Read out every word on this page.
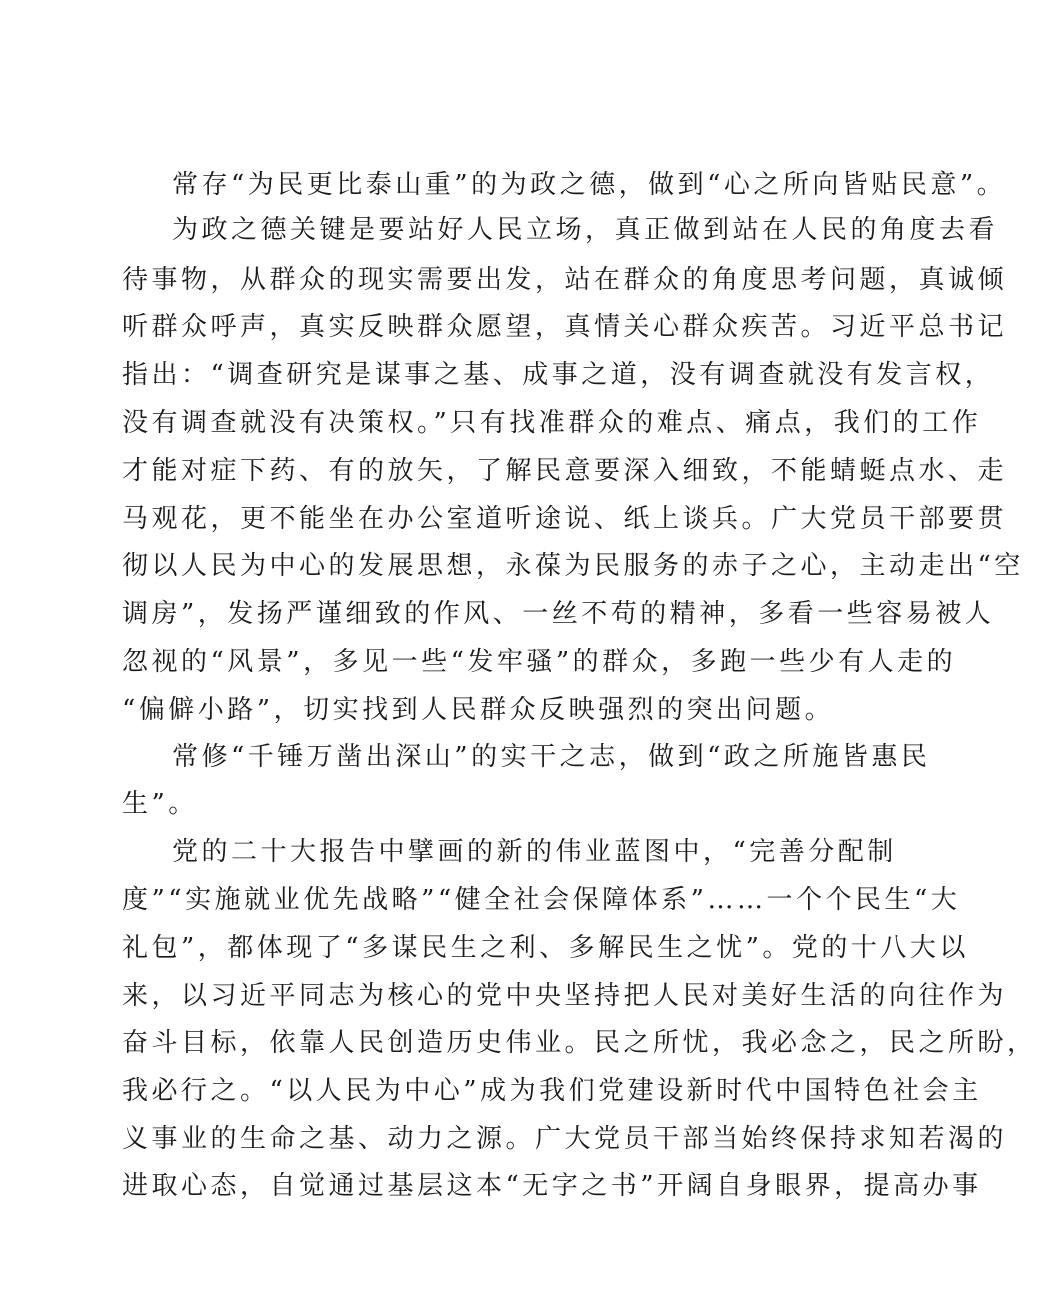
常存“为民更比泰山重”的为政之德，做到“心之所向皆贴民意”。
为政之德关键是要站好人民立场，真正做到站在人民的角度去看
待事物，从群众的现实需要出发，站在群众的角度思考问题，真诚倾
听群众呼声，真实反映群众愿望，真情关心群众疾苦。习近平总书记
指出：“调查研究是谋事之基、成事之道，没有调查就没有发言权，
没有调查就没有决策权。”只有找准群众的难点、痛点，我们的工作
才能对症下药、有的放矢，了解民意要深入细致，不能蜻蜓点水、走
马观花，更不能坐在办公室道听途说、纸上谈兵。广大党员干部要贯
彻以人民为中心的发展思想，永葆为民服务的赤子之心，主动走出“空
调房”，发扬严谨细致的作风、一丝不苟的精神，多看一些容易被人
忽视的“风景”，多见一些“发牢骚”的群众，多跑一些少有人走的
“偏僻小路”，切实找到人民群众反映强烈的突出问题。
常修“千锤万凿出深山”的实干之志，做到“政之所施皆惠民
生”。
党的二十大报告中擘画的新的伟业蓝图中，“完善分配制
度”“实施就业优先战略”“健全社会保障体系”……一个个民生“大
礼包”，都体现了“多谋民生之利、多解民生之忧”。党的十八大以
来，以习近平同志为核心的党中央坚持把人民对美好生活的向往作为
奋斗目标，依靠人民创造历史伟业。民之所忧，我必念之，民之所盼，
我必行之。“以人民为中心”成为我们党建设新时代中国特色社会主
义事业的生命之基、动力之源。广大党员干部当始终保持求知若渴的
进取心态，自觉通过基层这本“无字之书”开阔自身眼界，提高办事
